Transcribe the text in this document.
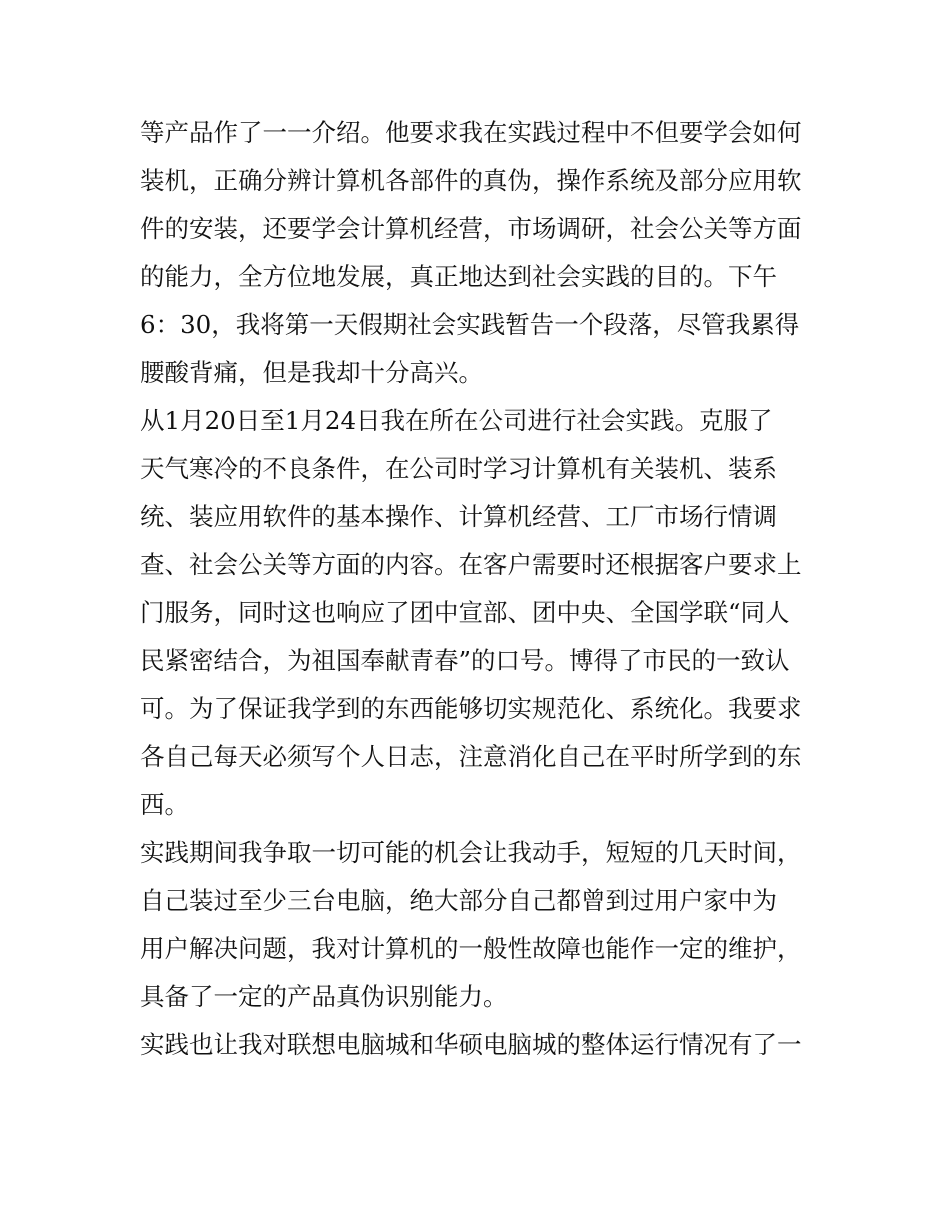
等产品作了一一介绍。他要求我在实践过程中不但要学会如何
装机，正确分辨计算机各部件的真伪，操作系统及部分应用软
件的安装，还要学会计算机经营，市场调研，社会公关等方面
的能力，全方位地发展，真正地达到社会实践的目的。下午
6：30，我将第一天假期社会实践暂告一个段落，尽管我累得
腰酸背痛，但是我却十分高兴。
从1月20日至1月24日我在所在公司进行社会实践。克服了
天气寒冷的不良条件，在公司时学习计算机有关装机、装系
统、装应用软件的基本操作、计算机经营、工厂市场行情调
查、社会公关等方面的内容。在客户需要时还根据客户要求上
门服务，同时这也响应了团中宣部、团中央、全国学联“同人
民紧密结合，为祖国奉献青春”的口号。博得了市民的一致认
可。为了保证我学到的东西能够切实规范化、系统化。我要求
各自己每天必须写个人日志，注意消化自己在平时所学到的东
西。
实践期间我争取一切可能的机会让我动手，短短的几天时间，
自己装过至少三台电脑，绝大部分自己都曾到过用户家中为
用户解决问题，我对计算机的一般性故障也能作一定的维护，
具备了一定的产品真伪识别能力。
实践也让我对联想电脑城和华硕电脑城的整体运行情况有了一
